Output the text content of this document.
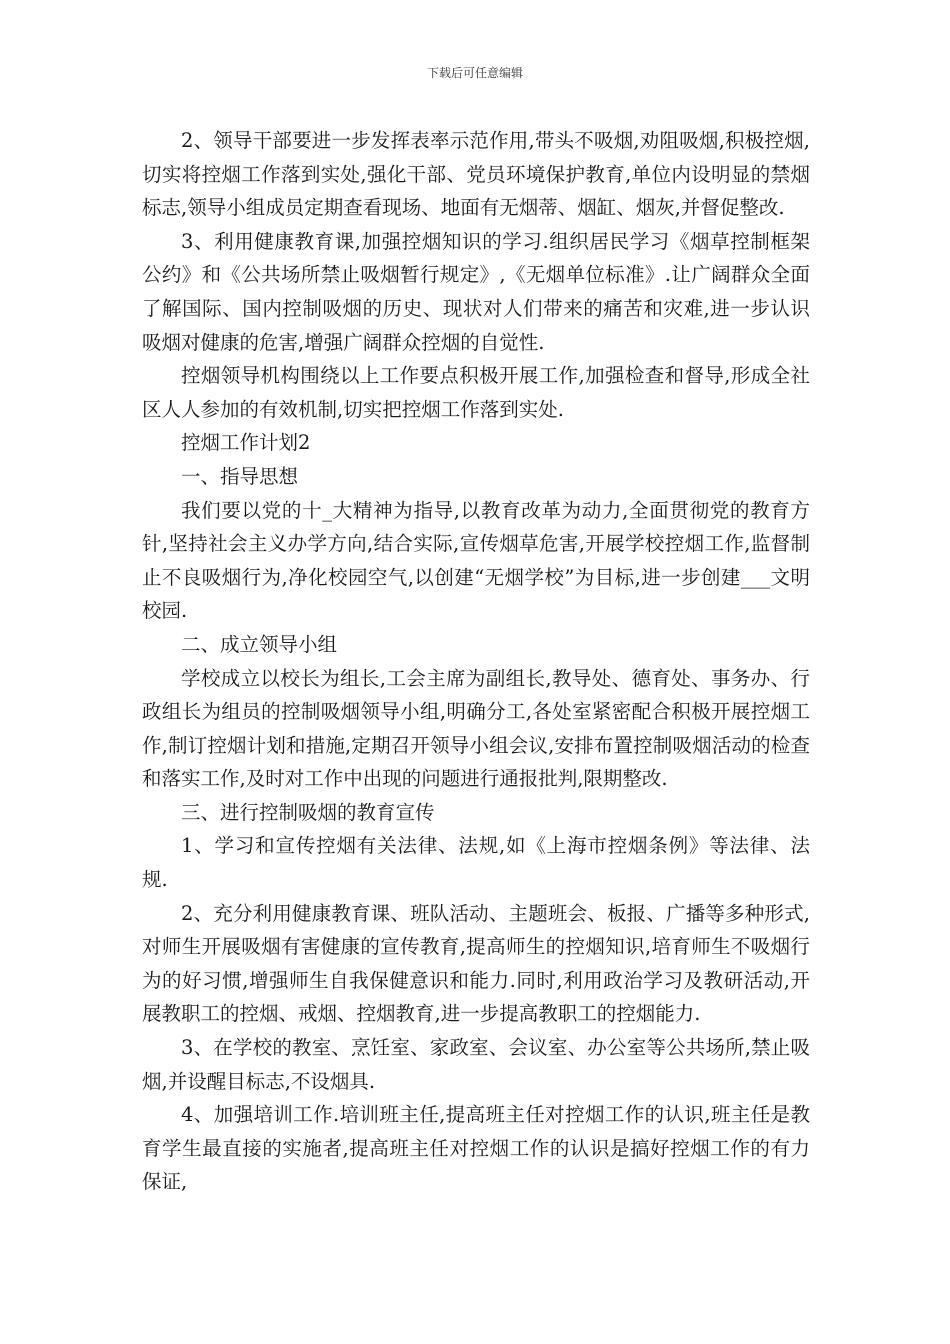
下载后可任意编辑

2、领导干部要进一步发挥表率示范作用,带头不吸烟,劝阻吸烟,积极控烟,切实将控烟工作落到实处,强化干部、党员环境保护教育,单位内设明显的禁烟标志,领导小组成员定期查看现场、地面有无烟蒂、烟缸、烟灰,并督促整改.

3、利用健康教育课,加强控烟知识的学习.组织居民学习《烟草控制框架公约》和《公共场所禁止吸烟暂行规定》,《无烟单位标准》.让广阔群众全面了解国际、国内控制吸烟的历史、现状对人们带来的痛苦和灾难,进一步认识吸烟对健康的危害,增强广阔群众控烟的自觉性.

控烟领导机构围绕以上工作要点积极开展工作,加强检查和督导,形成全社区人人参加的有效机制,切实把控烟工作落到实处.

控烟工作计划2

一、指导思想

我们要以党的十_大精神为指导,以教育改革为动力,全面贯彻党的教育方针,坚持社会主义办学方向,结合实际,宣传烟草危害,开展学校控烟工作,监督制止不良吸烟行为,净化校园空气,以创建“无烟学校”为目标,进一步创建___文明校园.

二、成立领导小组

学校成立以校长为组长,工会主席为副组长,教导处、德育处、事务办、行政组长为组员的控制吸烟领导小组,明确分工,各处室紧密配合积极开展控烟工作,制订控烟计划和措施,定期召开领导小组会议,安排布置控制吸烟活动的检查和落实工作,及时对工作中出现的问题进行通报批判,限期整改.

三、进行控制吸烟的教育宣传

1、学习和宣传控烟有关法律、法规,如《上海市控烟条例》等法律、法规.

2、充分利用健康教育课、班队活动、主题班会、板报、广播等多种形式,对师生开展吸烟有害健康的宣传教育,提高师生的控烟知识,培育师生不吸烟行为的好习惯,增强师生自我保健意识和能力.同时,利用政治学习及教研活动,开展教职工的控烟、戒烟、控烟教育,进一步提高教职工的控烟能力.

3、在学校的教室、烹饪室、家政室、会议室、办公室等公共场所,禁止吸烟,并设醒目标志,不设烟具.

4、加强培训工作.培训班主任,提高班主任对控烟工作的认识,班主任是教育学生最直接的实施者,提高班主任对控烟工作的认识是搞好控烟工作的有力保证,
